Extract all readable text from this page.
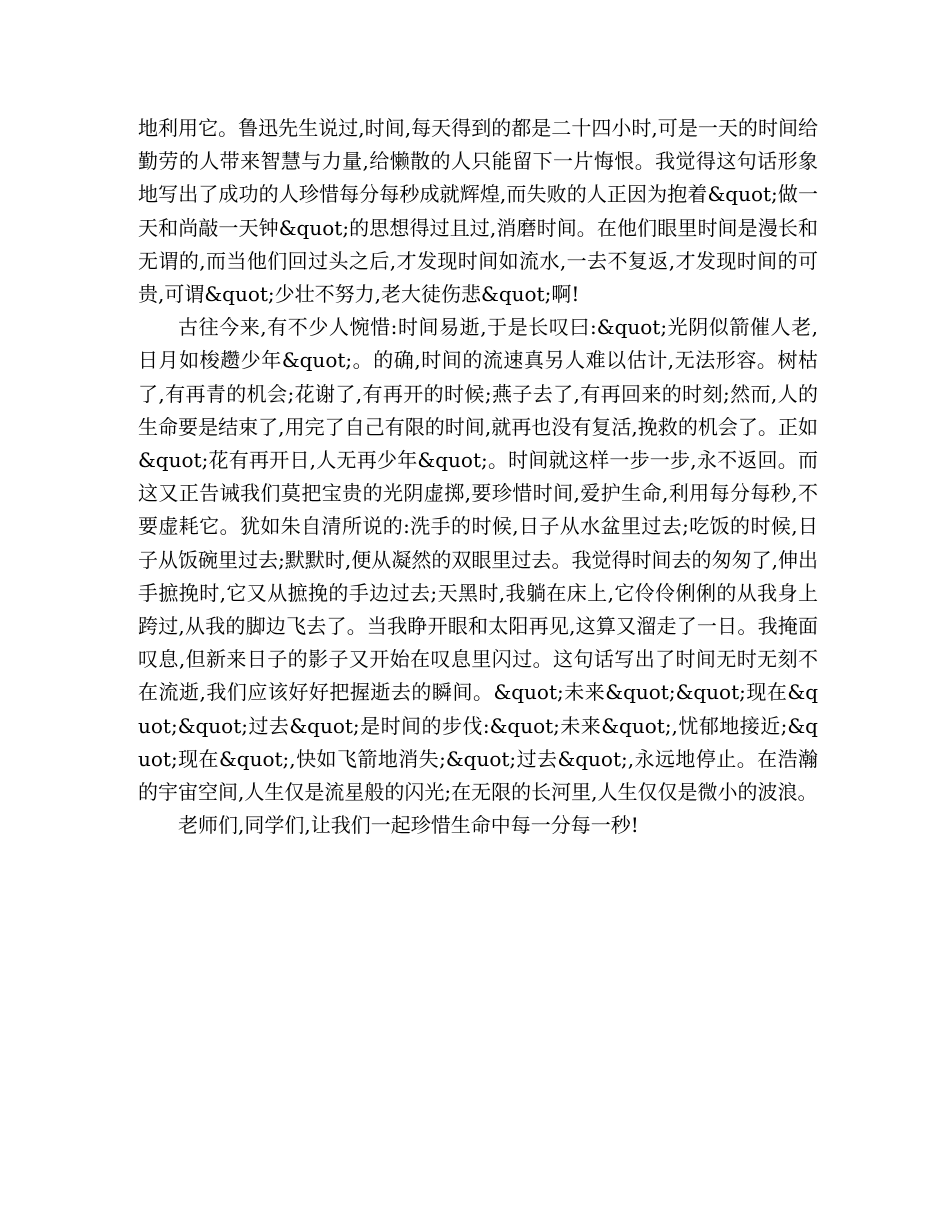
地利用它。鲁迅先生说过,时间,每天得到的都是二十四小时,可是一天的时间给勤劳的人带来智慧与力量,给懒散的人只能留下一片悔恨。我觉得这句话形象地写出了成功的人珍惜每分每秒成就辉煌,而失败的人正因为抱着&quot;做一天和尚敲一天钟&quot;的思想得过且过,消磨时间。在他们眼里时间是漫长和无谓的,而当他们回过头之后,才发现时间如流水,一去不复返,才发现时间的可贵,可谓&quot;少壮不努力,老大徒伤悲&quot;啊!

古往今来,有不少人惋惜:时间易逝,于是长叹曰:&quot;光阴似箭催人老,日月如梭趱少年&quot;。的确,时间的流速真另人难以估计,无法形容。树枯了,有再青的机会;花谢了,有再开的时候;燕子去了,有再回来的时刻;然而,人的生命要是结束了,用完了自己有限的时间,就再也没有复活,挽救的机会了。正如&quot;花有再开日,人无再少年&quot;。时间就这样一步一步,永不返回。而这又正告诫我们莫把宝贵的光阴虚掷,要珍惜时间,爱护生命,利用每分每秒,不要虚耗它。犹如朱自清所说的:洗手的时候,日子从水盆里过去;吃饭的时候,日子从饭碗里过去;默默时,便从凝然的双眼里过去。我觉得时间去的匆匆了,伸出手摭挽时,它又从摭挽的手边过去;天黑时,我躺在床上,它伶伶俐俐的从我身上跨过,从我的脚边飞去了。当我睁开眼和太阳再见,这算又溜走了一日。我掩面叹息,但新来日子的影子又开始在叹息里闪过。这句话写出了时间无时无刻不在流逝,我们应该好好把握逝去的瞬间。&quot;未来&quot;&quot;现在&quot;&quot;过去&quot;是时间的步伐:&quot;未来&quot;,忧郁地接近;&quot;现在&quot;,快如飞箭地消失;&quot;过去&quot;,永远地停止。在浩瀚的宇宙空间,人生仅是流星般的闪光;在无限的长河里,人生仅仅是微小的波浪。

老师们,同学们,让我们一起珍惜生命中每一分每一秒!
